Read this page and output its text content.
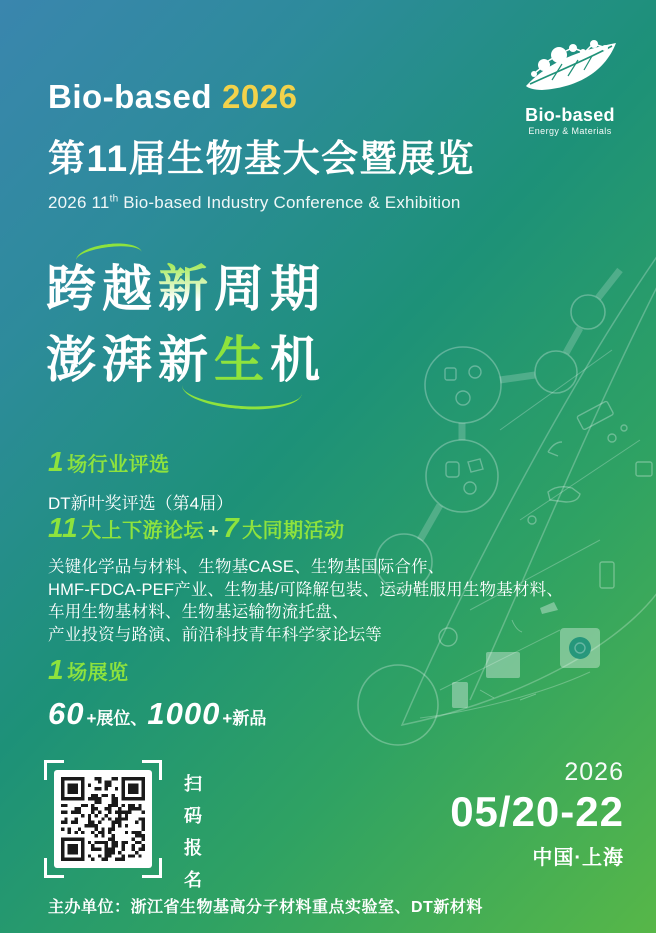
Bio-based
Energy & Materials
Bio-based 2026
第11届生物基大会暨展览
2026 11th Bio-based Industry Conference & Exhibition
跨越新周期
澎湃新生机
1 场行业评选
DT新叶奖评选（第4届）
11 大上下游论坛 + 7 大同期活动
关键化学品与材料、生物基CASE、生物基国际合作、
HMF-FDCA-PEF产业、生物基/可降解包装、运动鞋服用生物基材料、
车用生物基材料、生物基运输物流托盘、
产业投资与路演、前沿科技青年科学家论坛等
1 场展览
60 +展位、1000 +新品
扫
码
报
名
2026
05/20-22
中国·上海
主办单位：浙江省生物基高分子材料重点实验室、DT新材料
